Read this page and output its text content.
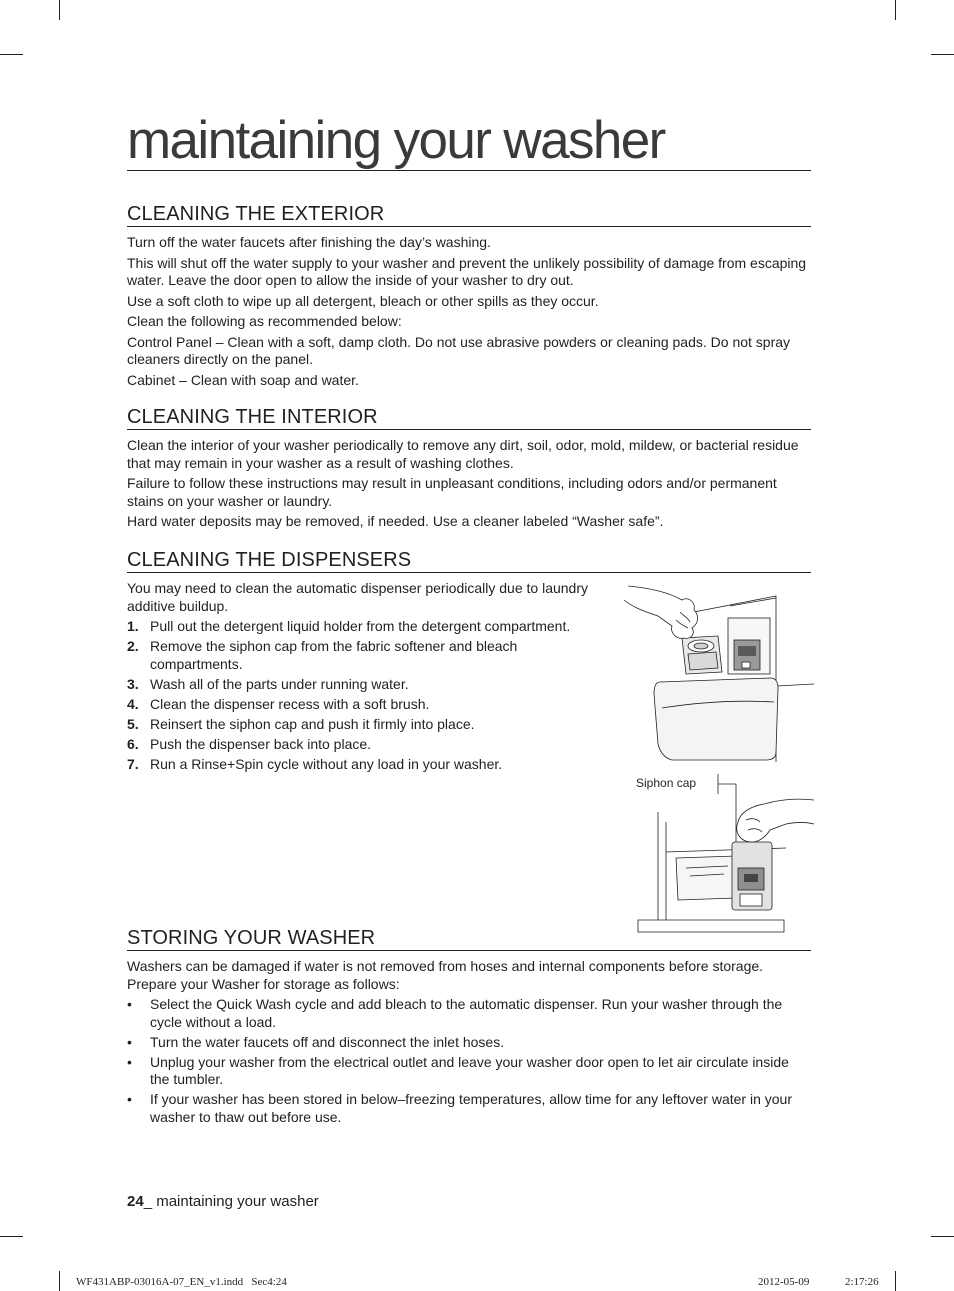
maintaining your washer
CLEANING THE EXTERIOR

Turn off the water faucets after finishing the day’s washing.

This will shut off the water supply to your washer and prevent the unlikely possibility of damage from escaping water. Leave the door open to allow the inside of your washer to dry out.

Use a soft cloth to wipe up all detergent, bleach or other spills as they occur.

Clean the following as recommended below:

Control Panel – Clean with a soft, damp cloth. Do not use abrasive powders or cleaning pads. Do not spray cleaners directly on the panel.

Cabinet – Clean with soap and water.

CLEANING THE INTERIOR

Clean the interior of your washer periodically to remove any dirt, soil, odor, mold, mildew, or bacterial residue that may remain in your washer as a result of washing clothes.

Failure to follow these instructions may result in unpleasant conditions, including odors and/or permanent stains on your washer or laundry.

Hard water deposits may be removed, if needed. Use a cleaner labeled “Washer safe”.

CLEANING THE DISPENSERS

You may need to clean the automatic dispenser periodically due to laundry additive buildup.

1. Pull out the detergent liquid holder from the detergent compartment.
2. Remove the siphon cap from the fabric softener and bleach compartments.
3. Wash all of the parts under running water.
4. Clean the dispenser recess with a soft brush.
5. Reinsert the siphon cap and push it firmly into place.
6. Push the dispenser back into place.
7. Run a Rinse+Spin cycle without any load in your washer.
Siphon cap
STORING YOUR WASHER

Washers can be damaged if water is not removed from hoses and internal components before storage. Prepare your Washer for storage as follows:

• Select the Quick Wash cycle and add bleach to the automatic dispenser. Run your washer through the cycle without a load.
• Turn the water faucets off and disconnect the inlet hoses.
• Unplug your washer from the electrical outlet and leave your washer door open to let air circulate inside the tumbler.
• If your washer has been stored in below–freezing temperatures, allow time for any leftover water in your washer to thaw out before use.
24_ maintaining your washer
WF431ABP-03016A-07_EN_v1.indd   Sec4:24	2012-05-09	2:17:26
